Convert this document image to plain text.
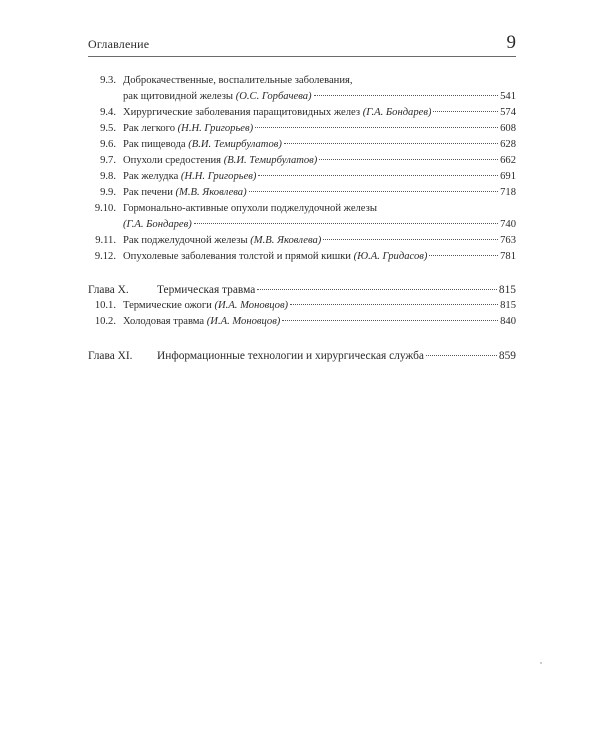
Оглавление	9
9.3. Доброкачественные, воспалительные заболевания,
рак щитовидной железы (О.С. Горбачева)	541
9.4. Хирургические заболевания паращитовидных желез (Г.А. Бондарев)	574
9.5. Рак легкого (Н.Н. Григорьев)	608
9.6. Рак пищевода (В.И. Темирбулатов)	628
9.7. Опухоли средостения (В.И. Темирбулатов)	662
9.8. Рак желудка (Н.Н. Григорьев)	691
9.9. Рак печени (М.В. Яковлева)	718
9.10. Гормонально-активные опухоли поджелудочной железы
(Г.А. Бондарев)	740
9.11. Рак поджелудочной железы (М.В. Яковлева)	763
9.12. Опухолевые заболевания толстой и прямой кишки (Ю.А. Гридасов)	781
Глава X.	Термическая травма	815
10.1. Термические ожоги (И.А. Моновцов)	815
10.2. Холодовая травма (И.А. Моновцов)	840
Глава XI.	Информационные технологии и хирургическая служба	859
